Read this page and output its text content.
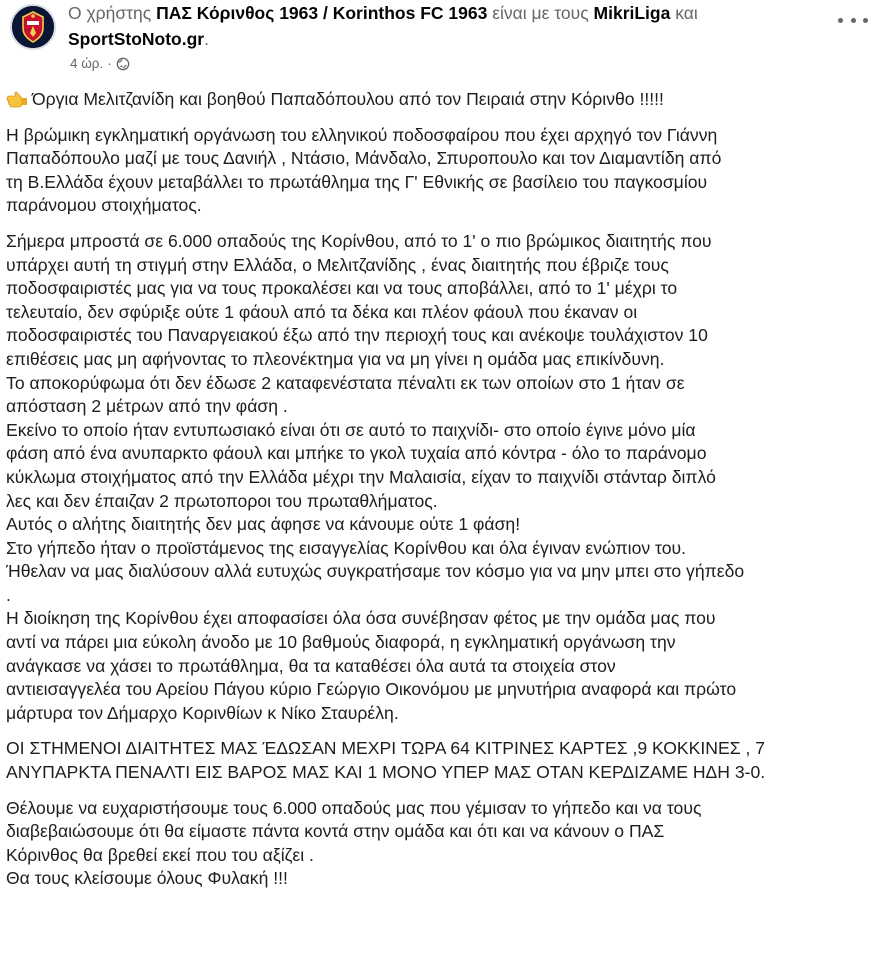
Ο χρήστης ΠΑΣ Κόρινθος 1963 / Korinthos FC 1963 είναι με τους MikriLiga και
SportStoNoto.gr.
4 ώρ. ·

Όργια Μελιτζανίδη και βοηθού Παπαδόπουλου από τον Πειραιά στην Κόρινθο !!!!!

Η βρώμικη εγκληματική οργάνωση του ελληνικού ποδοσφαίρου που έχει αρχηγό τον Γιάννη
Παπαδόπουλο μαζί με τους Δανιήλ , Ντάσιο, Μάνδαλο, Σπυροπουλο και τον Διαμαντίδη από
τη Β.Ελλάδα έχουν μεταβάλλει το πρωτάθλημα της Γ' Εθνικής σε βασίλειο του παγκοσμίου
παράνομου στοιχήματος.

Σήμερα μπροστά σε 6.000 οπαδούς της Κορίνθου, από το 1' ο πιο βρώμικος διαιτητής που
υπάρχει αυτή τη στιγμή στην Ελλάδα, ο Μελιτζανίδης , ένας διαιτητής που έβριζε τους
ποδοσφαιριστές μας για να τους προκαλέσει και να τους αποβάλλει, από το 1' μέχρι το
τελευταίο, δεν σφύριξε ούτε 1 φάουλ από τα δέκα και πλέον φάουλ που έκαναν οι
ποδοσφαιριστές του Παναργειακού έξω από την περιοχή τους και ανέκοψε τουλάχιστον 10
επιθέσεις μας μη αφήνοντας το πλεονέκτημα για να μη γίνει η ομάδα μας επικίνδυνη.
Το αποκορύφωμα ότι δεν έδωσε 2 καταφενέστατα πέναλτι εκ των οποίων στο 1 ήταν σε
απόσταση 2 μέτρων από την φάση .
Εκείνο το οποίο ήταν εντυπωσιακό είναι ότι σε αυτό το παιχνίδι- στο οποίο έγινε μόνο μία
φάση από ένα ανυπαρκτο φάουλ και μπήκε το γκολ τυχαία από κόντρα - όλο το παράνομο
κύκλωμα στοιχήματος από την Ελλάδα μέχρι την Μαλαισία, είχαν το παιχνίδι στάνταρ διπλό
λες και δεν έπαιζαν 2 πρωτοποροι του πρωταθλήματος.
Αυτός ο αλήτης διαιτητής δεν μας άφησε να κάνουμε ούτε 1 φάση!
Στο γήπεδο ήταν ο προϊστάμενος της εισαγγελίας Κορίνθου και όλα έγιναν ενώπιον του.
Ήθελαν να μας διαλύσουν αλλά ευτυχώς συγκρατήσαμε τον κόσμο για να μην μπει στο γήπεδο
.
Η διοίκηση της Κορίνθου έχει αποφασίσει όλα όσα συνέβησαν φέτος με την ομάδα μας που
αντί να πάρει μια εύκολη άνοδο με 10 βαθμούς διαφορά, η εγκληματική οργάνωση την
ανάγκασε να χάσει το πρωτάθλημα, θα τα καταθέσει όλα αυτά τα στοιχεία στον
αντιεισαγγελέα του Αρείου Πάγου κύριο Γεώργιο Οικονόμου με μηνυτήρια αναφορά και πρώτο
μάρτυρα τον Δήμαρχο Κορινθίων κ Νίκο Σταυρέλη.

ΟΙ ΣΤΗΜΕΝΟΙ ΔΙΑΙΤΗΤΕΣ ΜΑΣ ΈΔΩΣΑΝ ΜΕΧΡΙ ΤΩΡΑ 64 ΚΙΤΡΙΝΕΣ ΚΑΡΤΕΣ ,9 ΚΟΚΚΙΝΕΣ , 7
ΑΝΥΠΑΡΚΤΑ ΠΕΝΑΛΤΙ ΕΙΣ ΒΑΡΟΣ ΜΑΣ ΚΑΙ 1 ΜΟΝΟ ΥΠΕΡ ΜΑΣ ΟΤΑΝ ΚΕΡΔΙΖΑΜΕ ΗΔΗ 3-0.

Θέλουμε να ευχαριστήσουμε τους 6.000 οπαδούς μας που γέμισαν το γήπεδο και να τους
διαβεβαιώσουμε ότι θα είμαστε πάντα κοντά στην ομάδα και ότι και να κάνουν ο ΠΑΣ
Κόρινθος θα βρεθεί εκεί που του αξίζει .
Θα τους κλείσουμε όλους Φυλακή !!!
